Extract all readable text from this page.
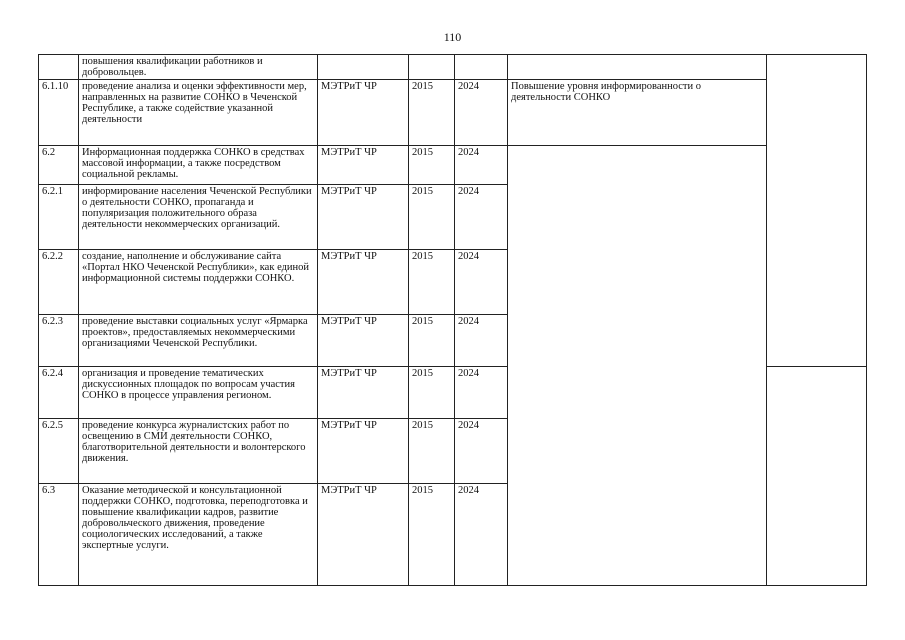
110
	повышения квалификации работников и добровольцев.					
6.1.10	проведение анализа и оценки эффективности мер, направленных на развитие СОНКО в Чеченской Республике, а также содействие указанной деятельности	МЭТРиТ ЧР	2015	2024	Повышение уровня информированности о деятельности СОНКО	
6.2	Информационная поддержка СОНКО в средствах массовой информации, а также посредством социальной рекламы.	МЭТРиТ ЧР	2015	2024		
6.2.1	информирование населения Чеченской Республики о деятельности СОНКО, пропаганда и популяризация положительного образа деятельности некоммерческих организаций.	МЭТРиТ ЧР	2015	2024		
6.2.2	создание, наполнение и обслуживание сайта «Портал НКО Чеченской Республики», как единой информационной системы поддержки СОНКО.	МЭТРиТ ЧР	2015	2024		
6.2.3	проведение выставки социальных услуг «Ярмарка проектов», предоставляемых некоммерческими организациями Чеченской Республики.	МЭТРиТ ЧР	2015	2024		
6.2.4	организация и проведение тематических дискуссионных площадок по вопросам участия СОНКО в процессе управления регионом.	МЭТРиТ ЧР	2015	2024		
6.2.5	проведение конкурса журналистских работ по освещению в СМИ деятельности СОНКО, благотворительной деятельности и волонтерского движения.	МЭТРиТ ЧР	2015	2024		
6.3	Оказание методической и консультационной поддержки СОНКО, подготовка, переподготовка и повышение квалификации кадров, развитие добровольческого движения, проведение социологических исследований, а также экспертные услуги.	МЭТРиТ ЧР	2015	2024		
